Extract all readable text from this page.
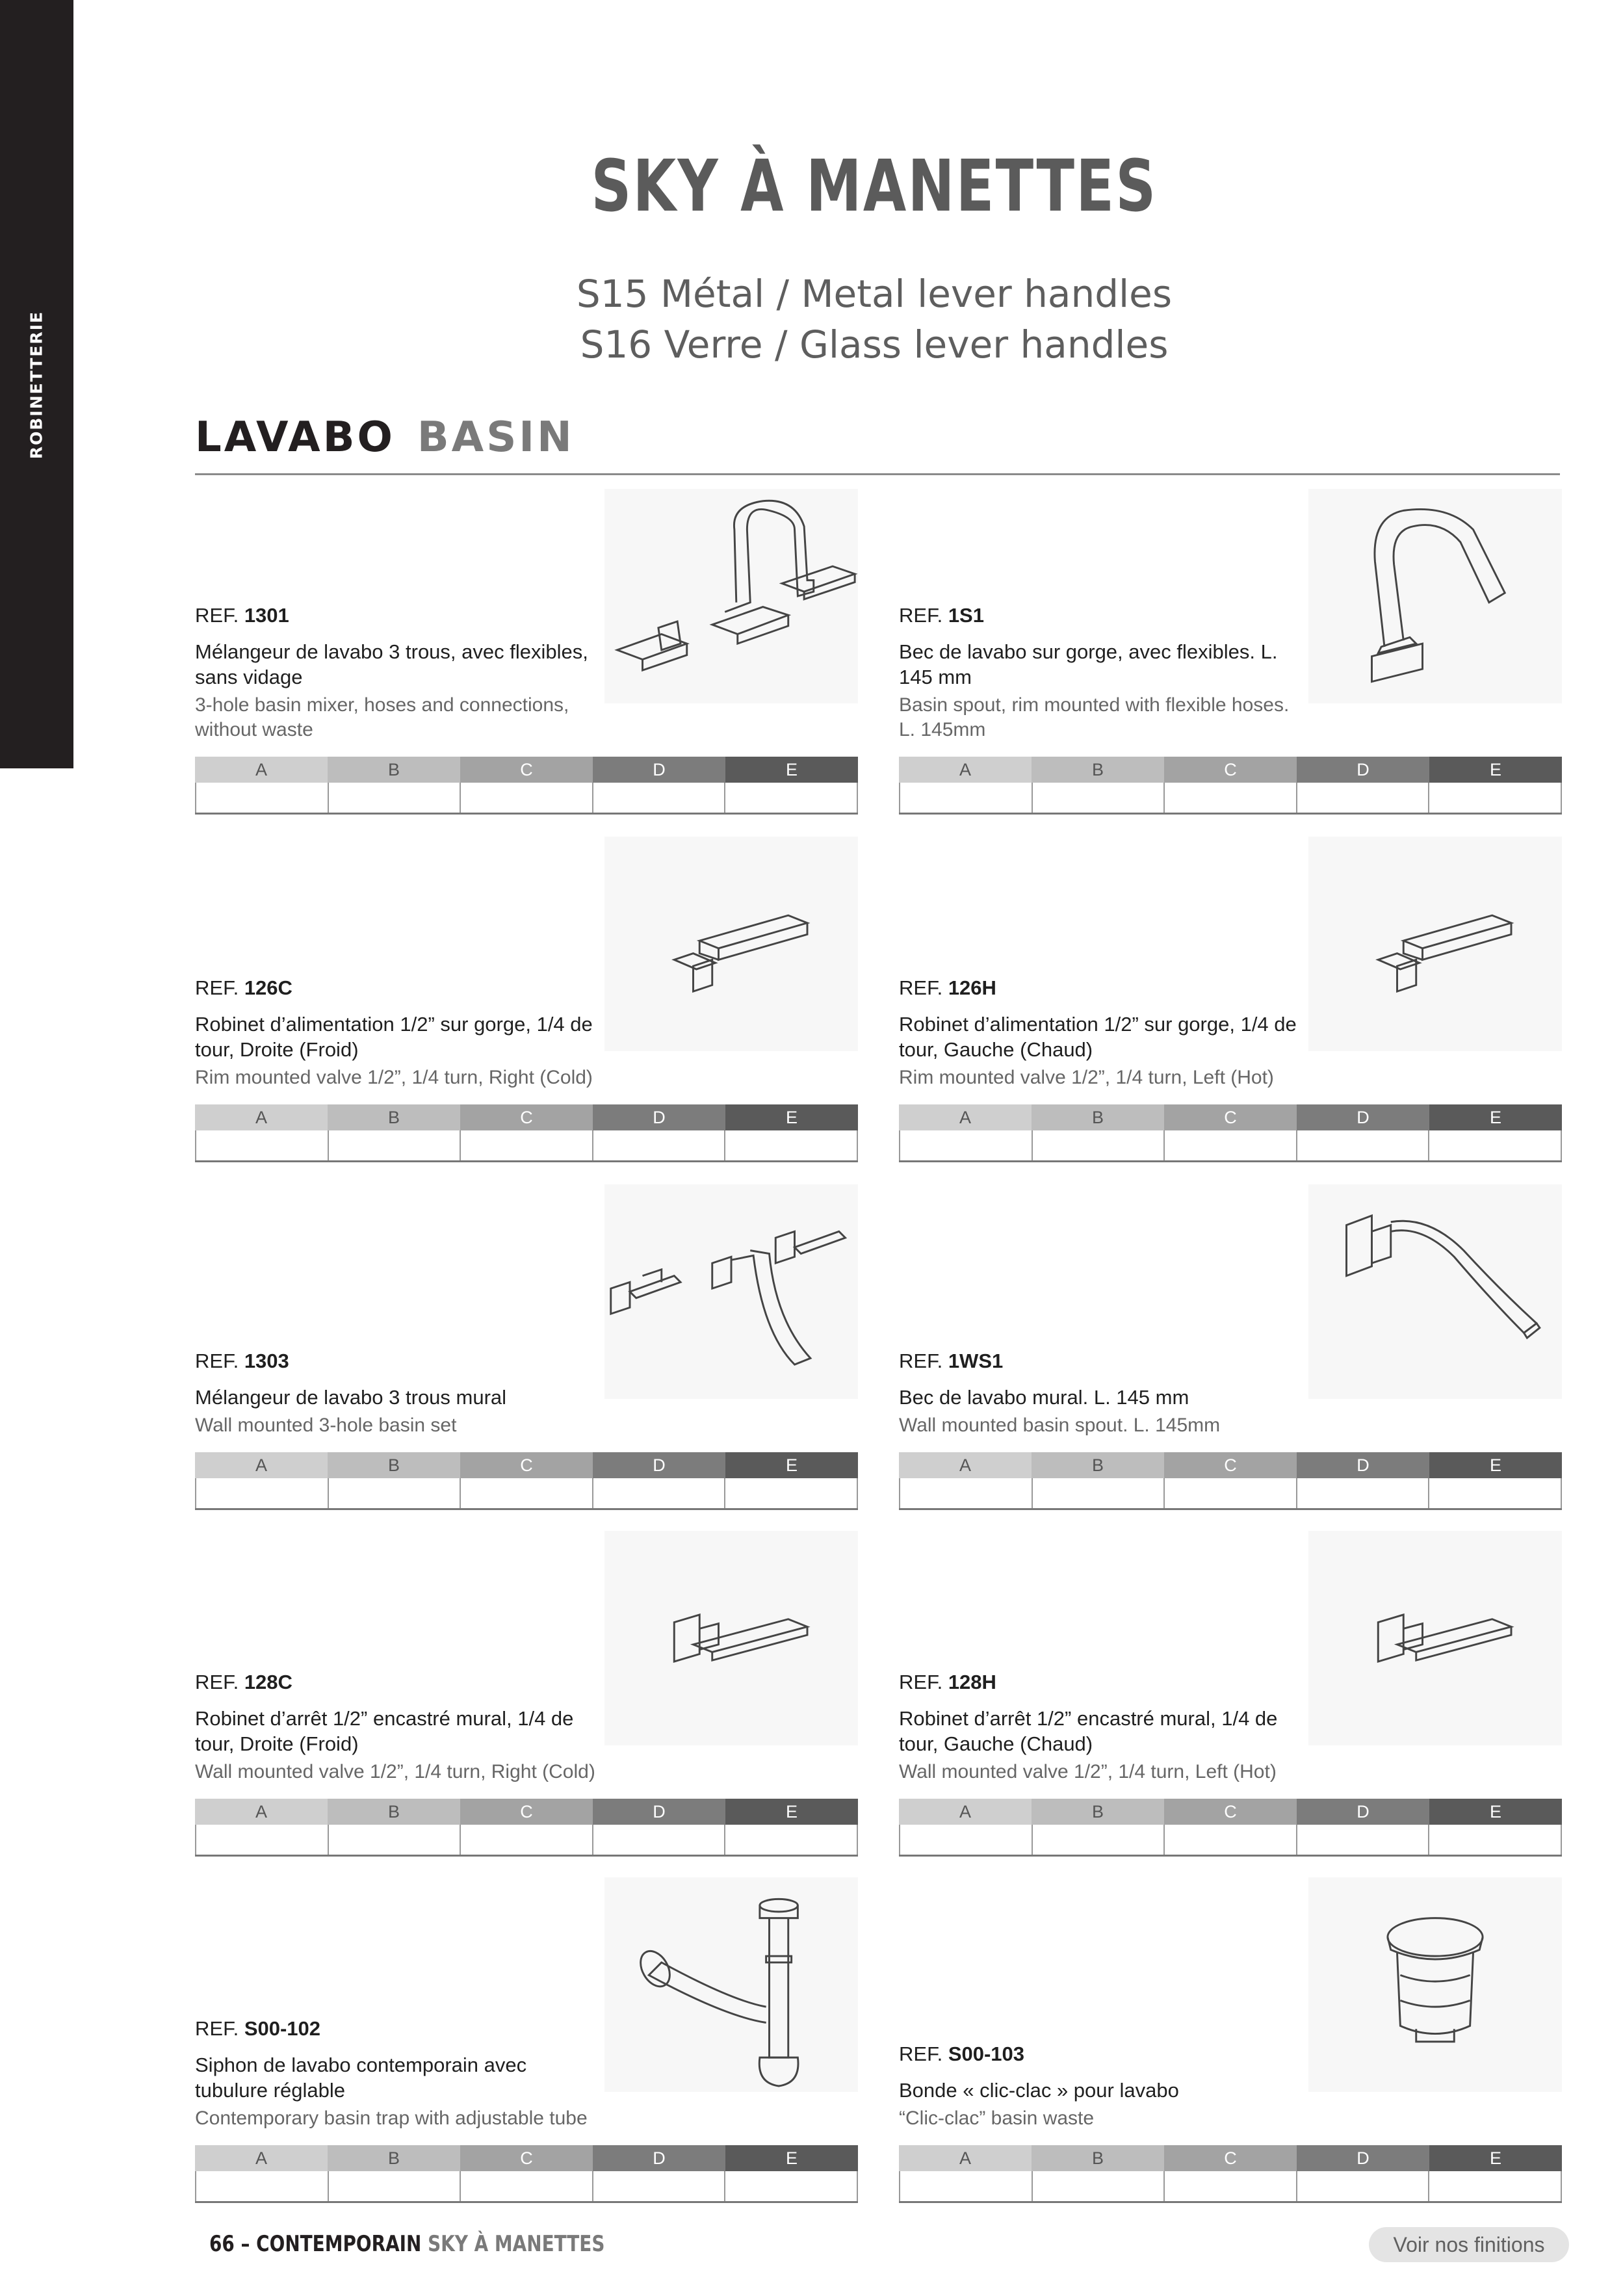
ROBINETTERIE
SKY À MANETTES
S15 Métal / Metal lever handles
S16 Verre / Glass lever handles
LAVABO BASIN
REF. 1301
Mélangeur de lavabo 3 trous, avec flexibles, sans vidage
3-hole basin mixer, hoses and connections, without waste
A	B	C	D	E
REF. 1S1
Bec de lavabo sur gorge, avec flexibles. L. 145 mm
Basin spout, rim mounted with flexible hoses. L. 145mm
A	B	C	D	E
REF. 126C
Robinet d’alimentation 1/2” sur gorge, 1/4 de tour, Droite (Froid)
Rim mounted valve 1/2”, 1/4 turn, Right (Cold)
A	B	C	D	E
REF. 126H
Robinet d’alimentation 1/2” sur gorge, 1/4 de tour, Gauche (Chaud)
Rim mounted valve 1/2”, 1/4 turn, Left (Hot)
A	B	C	D	E
REF. 1303
Mélangeur de lavabo 3 trous mural
Wall mounted 3-hole basin set
A	B	C	D	E
REF. 1WS1
Bec de lavabo mural. L. 145 mm
Wall mounted basin spout. L. 145mm
A	B	C	D	E
REF. 128C
Robinet d’arrêt 1/2” encastré mural, 1/4 de tour, Droite (Froid)
Wall mounted valve 1/2”, 1/4 turn, Right (Cold)
A	B	C	D	E
REF. 128H
Robinet d’arrêt 1/2” encastré mural, 1/4 de tour, Gauche (Chaud)
Wall mounted valve 1/2”, 1/4 turn, Left (Hot)
A	B	C	D	E
REF. S00-102
Siphon de lavabo contemporain avec tubulure réglable
Contemporary basin trap with adjustable tube
A	B	C	D	E
REF. S00-103
Bonde « clic-clac » pour lavabo
“Clic-clac” basin waste
A	B	C	D	E
66 – CONTEMPORAIN SKY À MANETTES	Voir nos finitions
